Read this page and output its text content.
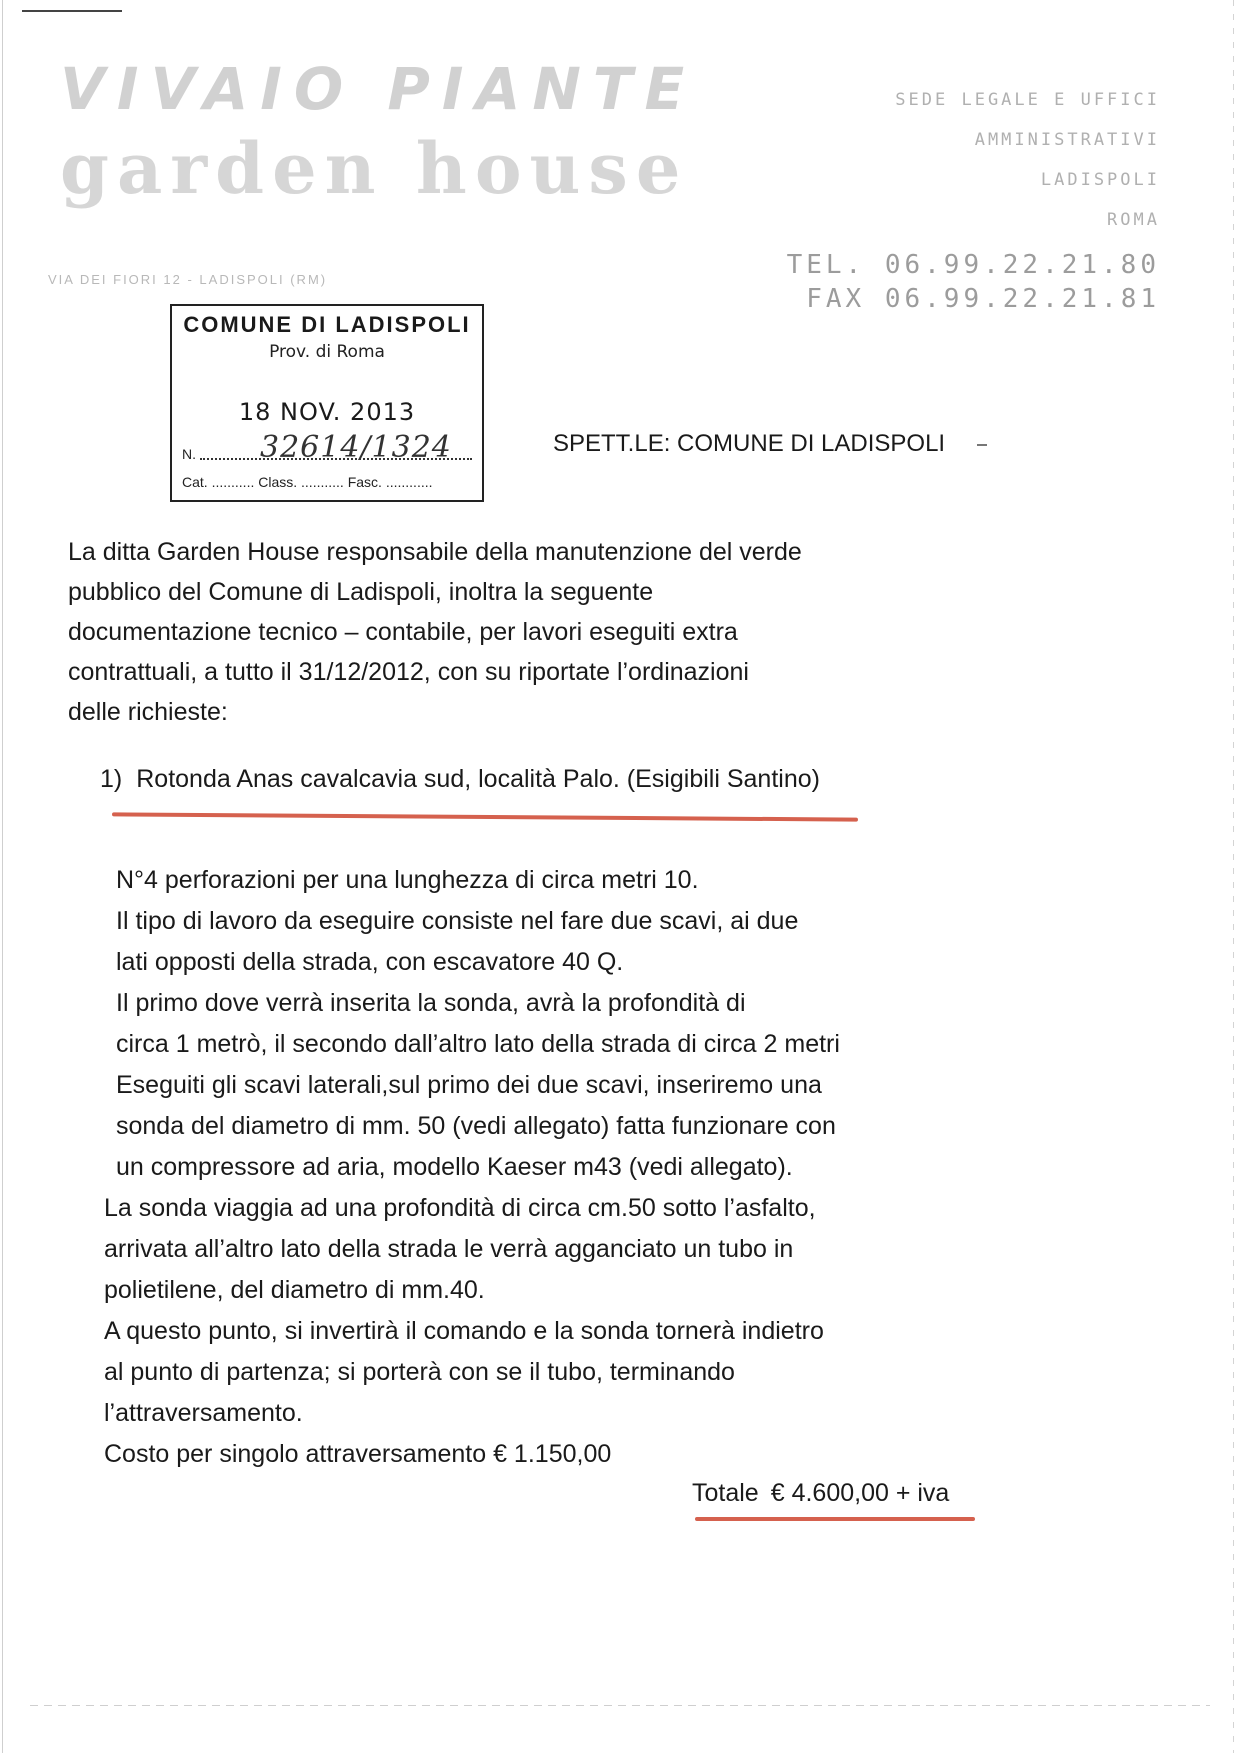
VIVAIO PIANTE
garden house
SEDE LEGALE E UFFICI
AMMINISTRATIVI
LADISPOLI
ROMA
TEL. 06.99.22.21.80
FAX 06.99.22.21.81
VIA DEI FIORI 12 - LADISPOLI (RM)
COMUNE DI LADISPOLI
Prov. di Roma
18 NOV. 2013
N. 32614/1324
Cat. ........... Class. ........... Fasc. ............
SPETT.LE: COMUNE DI LADISPOLI

La ditta Garden House responsabile della manutenzione del verde

pubblico del Comune di Ladispoli, inoltra la seguente

documentazione tecnico – contabile, per lavori eseguiti extra

contrattuali, a tutto il 31/12/2012, con su riportate l’ordinazioni

delle richieste:

1) Rotonda Anas cavalcavia sud, località Palo. (Esigibili Santino)
N°4 perforazioni per una lunghezza di circa metri 10.
Il tipo di lavoro da eseguire consiste nel fare due scavi, ai due
lati opposti della strada, con escavatore 40 Q.
Il primo dove verrà inserita la sonda, avrà la profondità di
circa 1 metrò, il secondo dall’altro lato della strada di circa 2 metri
Eseguiti gli scavi laterali,sul primo dei due scavi, inseriremo una
sonda del diametro di mm. 50 (vedi allegato) fatta funzionare con
un compressore ad aria, modello Kaeser m43 (vedi allegato).
La sonda viaggia ad una profondità di circa cm.50 sotto l’asfalto,
arrivata all’altro lato della strada le verrà agganciato un tubo in
polietilene, del diametro di mm.40.
A questo punto, si invertirà il comando e la sonda tornerà indietro
al punto di partenza; si porterà con se il tubo, terminando
l’attraversamento.
Costo per singolo attraversamento € 1.150,00
Totale € 4.600,00 + iva
